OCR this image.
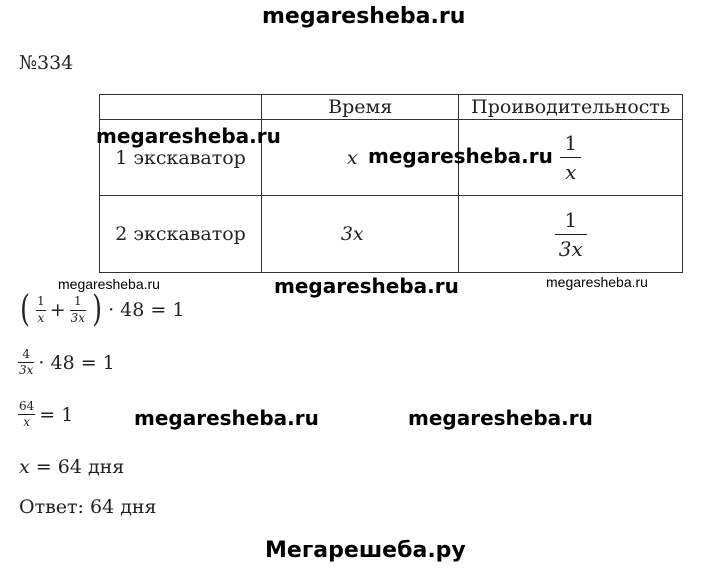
megaresheba.ru
№334
	Время	Проиводительность
1 экскаватор	x	$\frac{1}{x}$

2 экскаватор	3x	$\frac{1}{3x}$
megaresheba.ru
megaresheba.ru
megaresheba.ru	megaresheba.ru	megaresheba.ru
( $\frac{1}{x} + \frac{1}{3x}$ ) · 48 = 1
$\frac{4}{3x} \cdot 48 = 1$
$\frac{64}{x} = 1$	megaresheba.ru	megaresheba.ru
x = 64 дня
Ответ: 64 дня
Мегарешеба.ру
